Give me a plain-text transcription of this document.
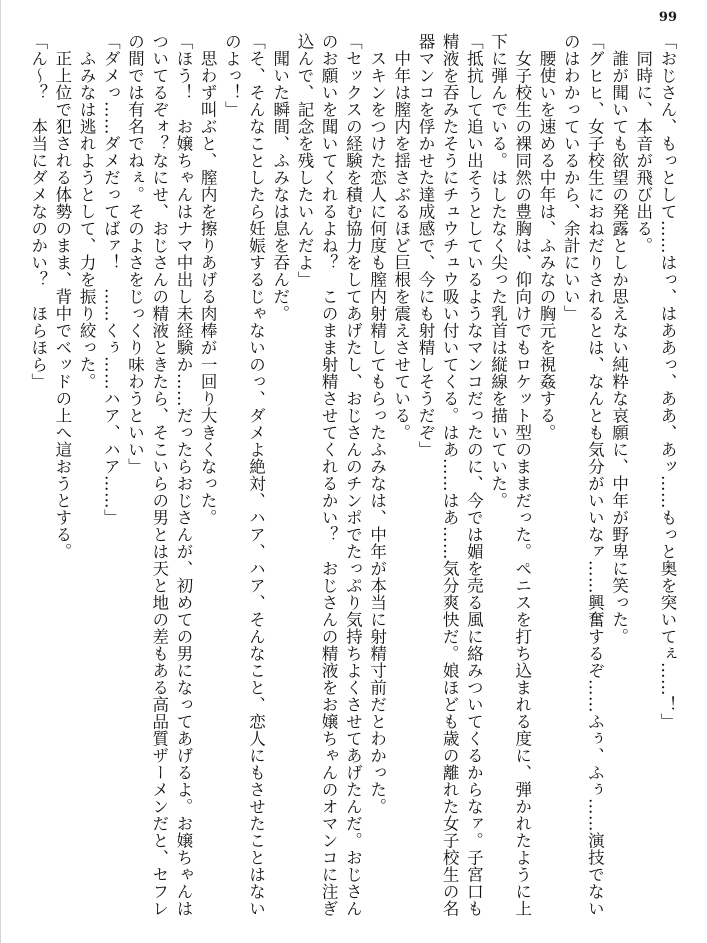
99

「おじさん、もっとして……はっ、はああっ、ああ、あッ……もっと奥を突いてぇ……！」

同時に、本音が飛び出る。

誰が聞いても欲望の発露としか思えない純粋な哀願に、中年が野卑に笑った。

「グヒヒ、女子校生におねだりされるとは、なんとも気分がいいなァ……興奮するぞ……ふぅ、ふぅ……演技でないのはわかっているから、余計にいい」

腰使いを速める中年は、ふみなの胸元を視姦する。

女子校生の裸同然の豊胸は、仰向けでもロケット型のままだった。ペニスを打ち込まれる度に、弾かれたように上下に弾んでいる。はしたなく尖った乳首は縦線を描いていた。

「抵抗して追い出そうとしているようなマンコだったのに、今では媚を売る風に絡みついてくるからなァ。子宮口も精液を吞みたそうにチュウチュウ吸い付いてくる。はあ……はあ……気分爽快だ。娘ほども歳の離れた女子校生の名器マンコを俘かせた達成感で、今にも射精しそうだぞ」

中年は膣内を揺さぶるほど巨根を震えさせている。

スキンをつけた恋人に何度も膣内射精してもらったふみなは、中年が本当に射精寸前だとわかった。

「セックスの経験を積む協力をしてあげたし、おじさんのチンポでたっぷり気持ちよくさせてあげたんだ。おじさんのお願いを聞いてくれるよね？　このまま射精させてくれるかい？　おじさんの精液をお嬢ちゃんのオマンコに注ぎ込んで、記念を残したいんだよ」

聞いた瞬間、ふみなは息を吞んだ。

「そ、そんなことしたら妊娠するじゃないのっ、ダメよ絶対、ハア、ハア、そんなこと、恋人にもさせたことはないのよっ！」

思わず叫ぶと、膣内を擦りあげる肉棒が一回り大きくなった。

「ほう！　お嬢ちゃんはナマ中出し未経験か……だったらおじさんが、初めての男になってあげるよ。お嬢ちゃんはついてるぞォ？なにせ、おじさんの精液ときたら、そこいらの男とは天と地の差もある高品質ザーメンだと、セフレの間では有名でねぇ。そのよさをじっくり味わうといい」

「ダメっ……ダメだってばァ！　……くぅ……ハア、ハア……」

ふみなは逃れようとして、力を振り絞った。

正上位で犯される体勢のまま、背中でベッドの上へ這おうとする。

「ん～？　本当にダメなのかい？　ほらほら」
